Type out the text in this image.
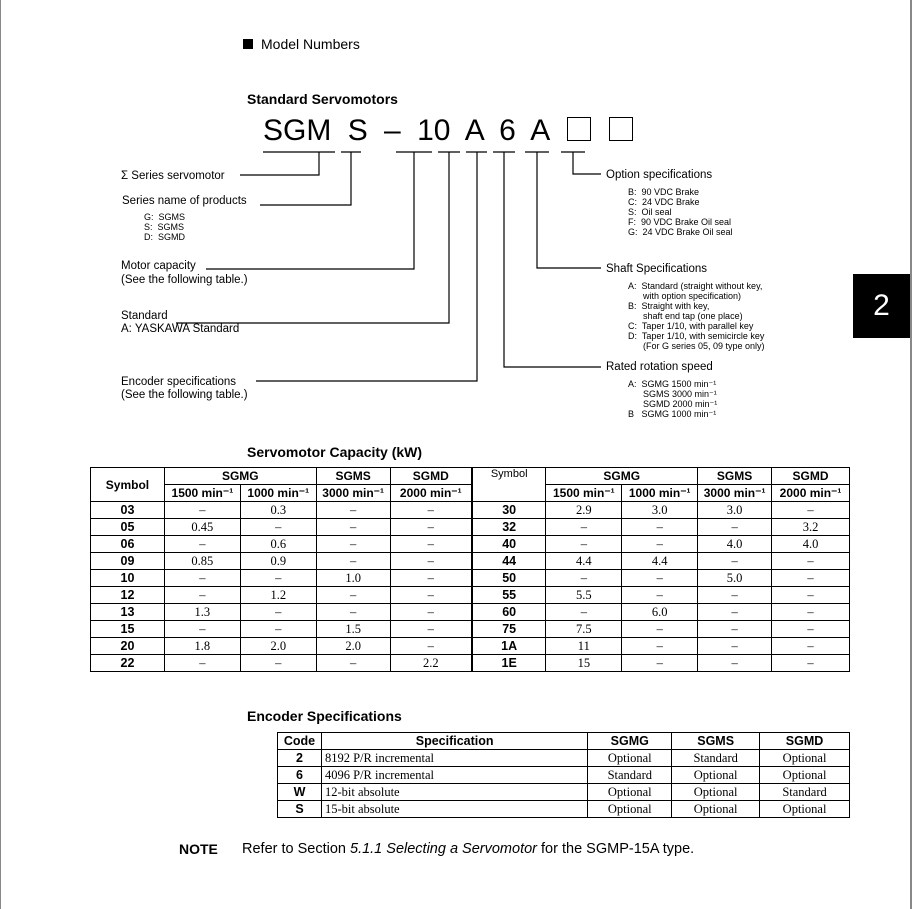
Model Numbers
2
Standard Servomotors
SGM S – 10 A 6 A
Σ Series servomotor
Series name of products
G:  SGMS
S:  SGMS
D:  SGMD
Motor capacity
(See the following table.)
Standard
A: YASKAWA Standard
Encoder specifications
(See the following table.)
Option specifications
B:  90 VDC Brake
C:  24 VDC Brake
S:  Oil seal
F:  90 VDC Brake Oil seal
G:  24 VDC Brake Oil seal
Shaft Specifications
A:  Standard (straight without key,
with option specification)
B:  Straight with key,
shaft end tap (one place)
C:  Taper 1/10, with parallel key
D:  Taper 1/10, with semicircle key
(For G series 05, 09 type only)
Rated rotation speed
A:  SGMG 1500 min⁻¹
SGMS 3000 min⁻¹
SGMD 2000 min⁻¹
B   SGMG 1000 min⁻¹
Servomotor Capacity (kW)
Symbol	SGMG		SGMS	SGMD	Symbol	SGMG		SGMS	SGMD
	1500 min⁻¹	1000 min⁻¹	3000 min⁻¹	2000 min⁻¹		1500 min⁻¹	1000 min⁻¹	3000 min⁻¹	2000 min⁻¹
03	–	0.3	–	–	30	2.9	3.0	3.0	–
05	0.45	–	–	–	32	–	–	–	3.2
06	–	0.6	–	–	40	–	–	4.0	4.0
09	0.85	0.9	–	–	44	4.4	4.4	–	–
10	–	–	1.0	–	50	–	–	5.0	–
12	–	1.2	–	–	55	5.5	–	–	–
13	1.3	–	–	–	60	–	6.0	–	–
15	–	–	1.5	–	75	7.5	–	–	–
20	1.8	2.0	2.0	–	1A	11	–	–	–
22	–	–	–	2.2	1E	15	–	–	–
Encoder Specifications
Code	Specification	SGMG	SGMS	SGMD
2	8192 P/R incremental	Optional	Standard	Optional
6	4096 P/R incremental	Standard	Optional	Optional
W	12-bit absolute	Optional	Optional	Standard
S	15-bit absolute	Optional	Optional	Optional
NOTE Refer to Section 5.1.1 Selecting a Servomotor for the SGMP-15A type.
